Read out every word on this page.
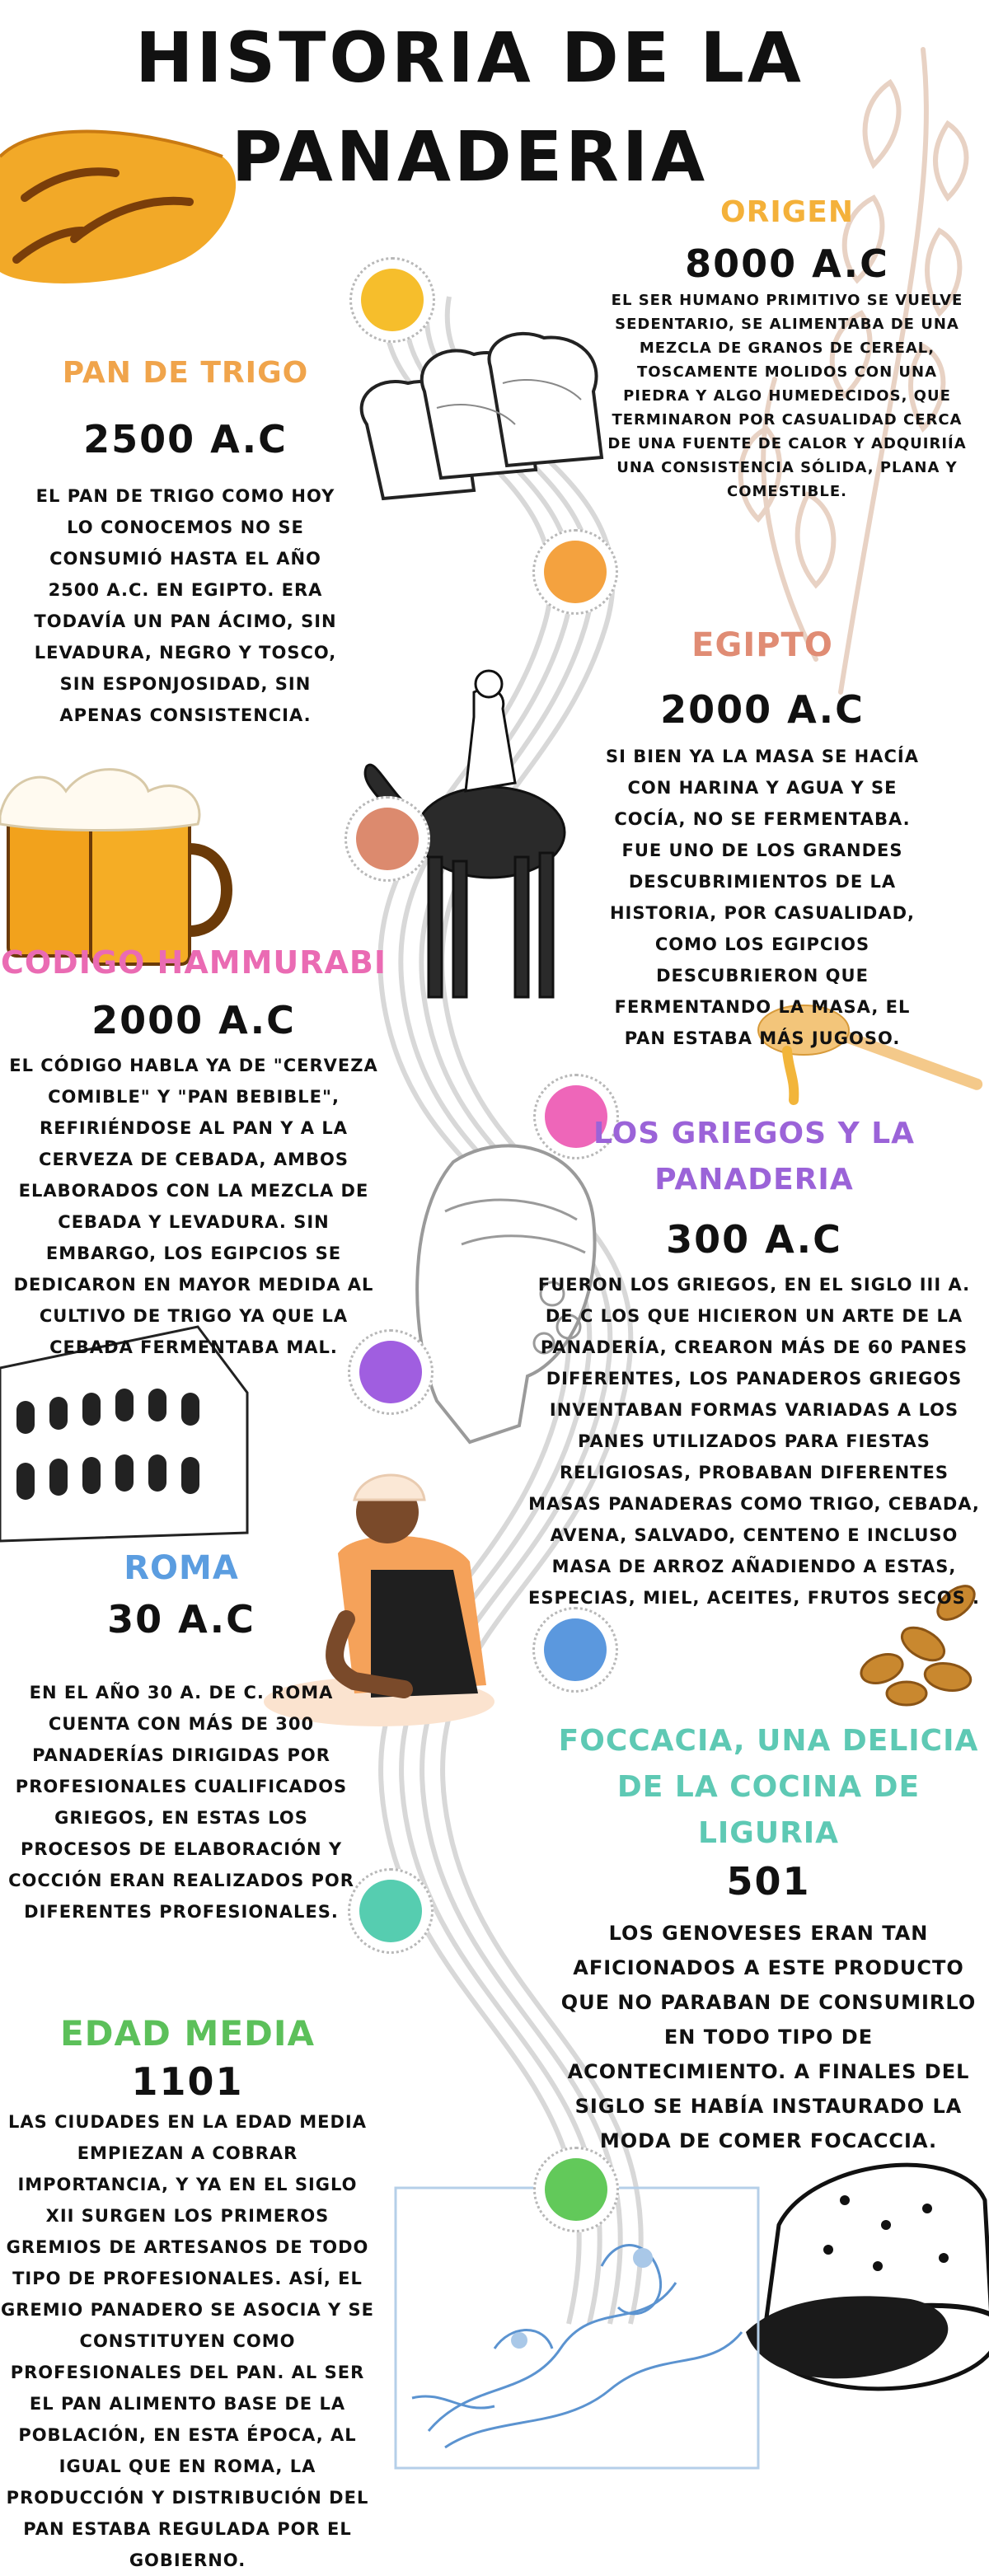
HISTORIA DE LA
PANADERIA
ORIGEN
8000 A.C
EL SER HUMANO PRIMITIVO SE VUELVE SEDENTARIO, SE ALIMENTABA DE UNA MEZCLA DE GRANOS DE CEREAL, TOSCAMENTE MOLIDOS CON UNA PIEDRA Y ALGO HUMEDECIDOS, QUE TERMINARON POR CASUALIDAD CERCA DE UNA FUENTE DE CALOR Y ADQUIRIÍA UNA CONSISTENCIA SÓLIDA, PLANA Y COMESTIBLE.
PAN DE TRIGO
2500 A.C
EL PAN DE TRIGO COMO HOY LO CONOCEMOS NO SE CONSUMIÓ HASTA EL AÑO 2500 A.C. EN EGIPTO. ERA TODAVÍA UN PAN ÁCIMO, SIN LEVADURA, NEGRO Y TOSCO, SIN ESPONJOSIDAD, SIN APENAS CONSISTENCIA.
EGIPTO
2000 A.C
SI BIEN YA LA MASA SE HACÍA CON HARINA Y AGUA Y SE COCÍA, NO SE FERMENTABA. FUE UNO DE LOS GRANDES DESCUBRIMIENTOS DE LA HISTORIA, POR CASUALIDAD, COMO LOS EGIPCIOS DESCUBRIERON QUE FERMENTANDO LA MASA, EL PAN ESTABA MÁS JUGOSO.
CODIGO HAMMURABI
2000 A.C
EL CÓDIGO HABLA YA DE "CERVEZA COMIBLE" Y "PAN BEBIBLE", REFIRIÉNDOSE AL PAN Y A LA CERVEZA DE CEBADA, AMBOS ELABORADOS CON LA MEZCLA DE CEBADA Y LEVADURA. SIN EMBARGO, LOS EGIPCIOS SE DEDICARON EN MAYOR MEDIDA AL CULTIVO DE TRIGO YA QUE LA CEBADA FERMENTABA MAL.
LOS GRIEGOS Y LA
PANADERIA
300 A.C
FUERON LOS GRIEGOS, EN EL SIGLO III A. DE C LOS QUE HICIERON UN ARTE DE LA PANADERÍA, CREARON MÁS DE 60 PANES DIFERENTES, LOS PANADEROS GRIEGOS INVENTABAN FORMAS VARIADAS A LOS PANES UTILIZADOS PARA FIESTAS RELIGIOSAS, PROBABAN DIFERENTES MASAS PANADERAS COMO TRIGO, CEBADA, AVENA, SALVADO, CENTENO E INCLUSO MASA DE ARROZ AÑADIENDO A ESTAS, ESPECIAS, MIEL, ACEITES, FRUTOS SECOS .
ROMA
30 A.C
EN EL AÑO 30 A. DE C. ROMA CUENTA CON MÁS DE 300 PANADERÍAS DIRIGIDAS POR PROFESIONALES CUALIFICADOS GRIEGOS, EN ESTAS LOS PROCESOS DE ELABORACIÓN Y COCCIÓN ERAN REALIZADOS POR DIFERENTES PROFESIONALES.
FOCCACIA, UNA DELICIA
DE LA COCINA DE
LIGURIA
501
LOS GENOVESES ERAN TAN AFICIONADOS A ESTE PRODUCTO QUE NO PARABAN DE CONSUMIRLO EN TODO TIPO DE ACONTECIMIENTO. A FINALES DEL SIGLO SE HABÍA INSTAURADO LA MODA DE COMER FOCACCIA.
EDAD MEDIA
1101
LAS CIUDADES EN LA EDAD MEDIA EMPIEZAN A COBRAR IMPORTANCIA, Y YA EN EL SIGLO XII SURGEN LOS PRIMEROS GREMIOS DE ARTESANOS DE TODO TIPO DE PROFESIONALES. ASÍ, EL GREMIO PANADERO SE ASOCIA Y SE CONSTITUYEN COMO PROFESIONALES DEL PAN. AL SER EL PAN ALIMENTO BASE DE LA POBLACIÓN, EN ESTA ÉPOCA, AL IGUAL QUE EN ROMA, LA PRODUCCIÓN Y DISTRIBUCIÓN DEL PAN ESTABA REGULADA POR EL GOBIERNO.
